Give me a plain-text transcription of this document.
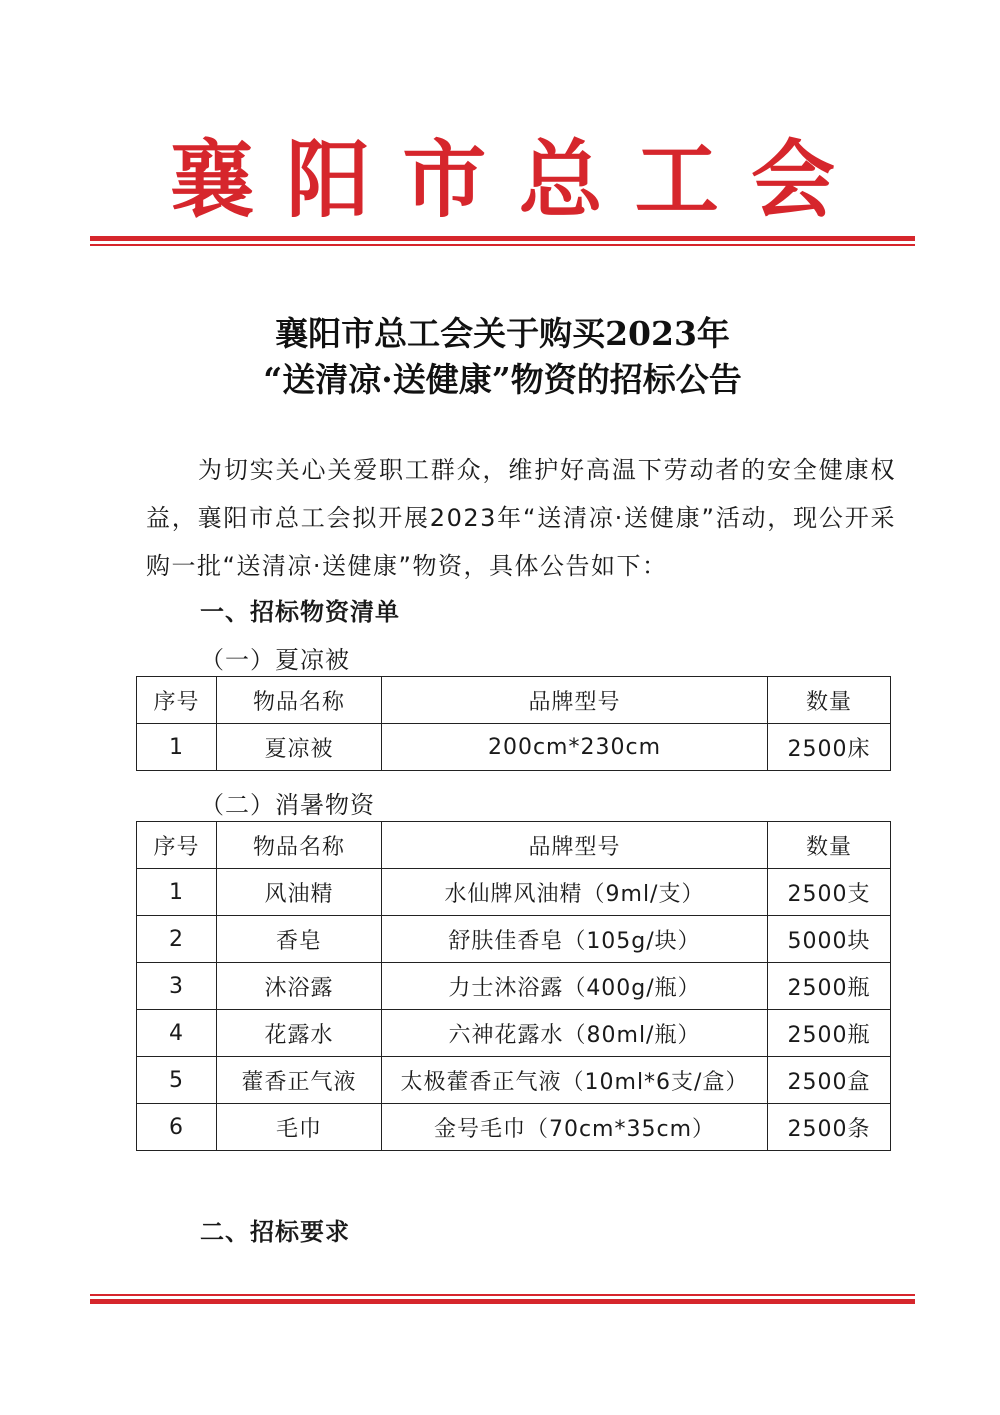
襄 阳 市 总 工 会
襄阳市总工会关于购买2023年
“送清凉·送健康”物资的招标公告
为切实关心关爱职工群众，维护好高温下劳动者的安全健康权益，襄阳市总工会拟开展2023年“送清凉·送健康”活动，现公开采购一批“送清凉·送健康”物资，具体公告如下：
一、招标物资清单
（一）夏凉被
序号	物品名称	品牌型号	数量
1	夏凉被	200cm*230cm	2500床
（二）消暑物资
序号	物品名称	品牌型号	数量
1	风油精	水仙牌风油精（9ml/支）	2500支
2	香皂	舒肤佳香皂（105g/块）	5000块
3	沐浴露	力士沐浴露（400g/瓶）	2500瓶
4	花露水	六神花露水（80ml/瓶）	2500瓶
5	藿香正气液	太极藿香正气液（10ml*6支/盒）	2500盒
6	毛巾	金号毛巾（70cm*35cm）	2500条
二、招标要求
